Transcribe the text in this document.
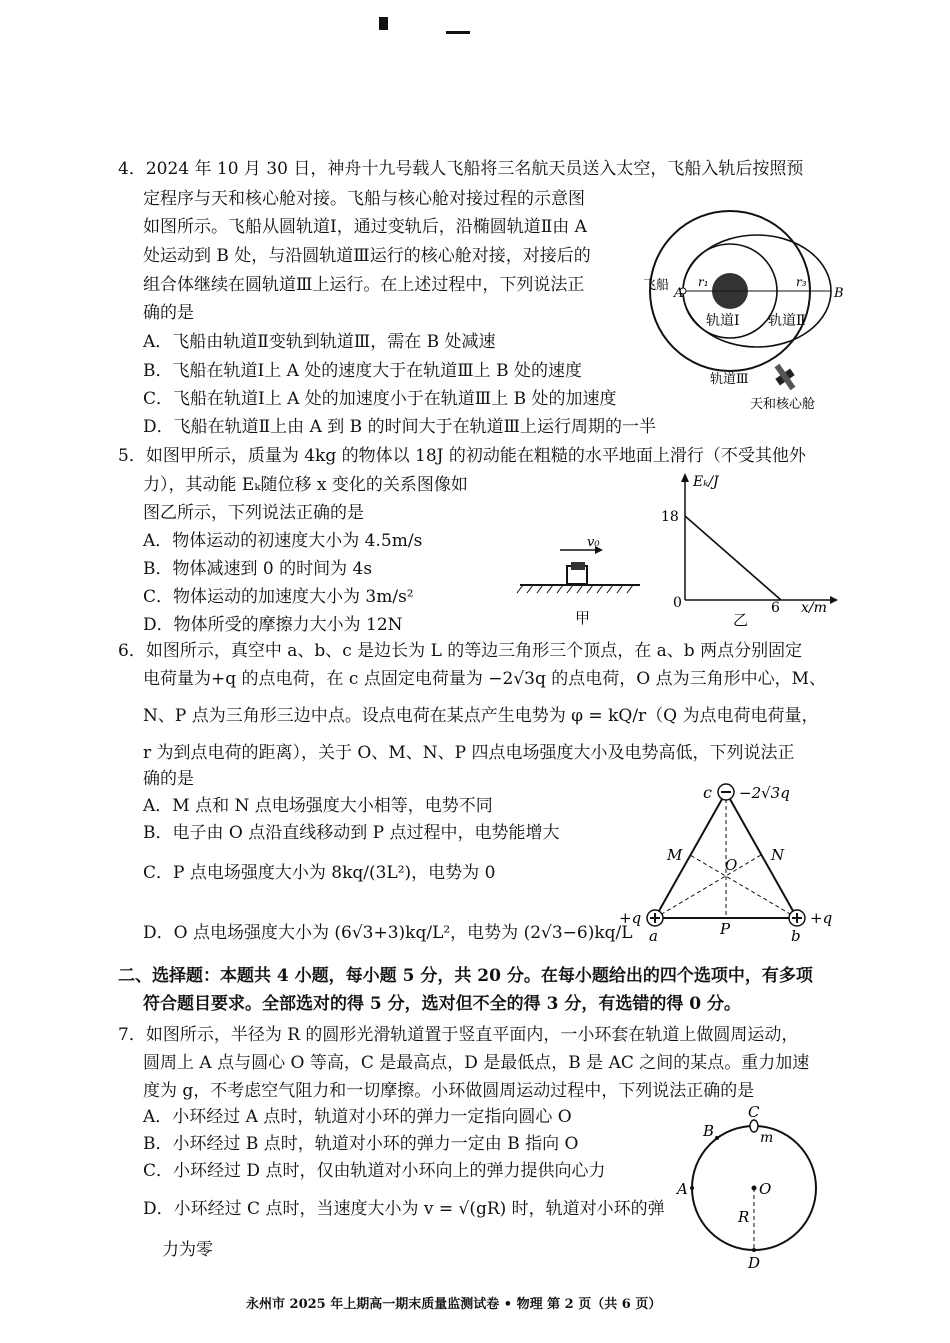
4．2024 年 10 月 30 日，神舟十九号载人飞船将三名航天员送入太空，飞船入轨后按照预
定程序与天和核心舱对接。飞船与核心舱对接过程的示意图
如图所示。飞船从圆轨道Ⅰ，通过变轨后，沿椭圆轨道Ⅱ由 A
处运动到 B 处，与沿圆轨道Ⅲ运行的核心舱对接，对接后的
组合体继续在圆轨道Ⅲ上运行。在上述过程中，下列说法正
确的是
A．飞船由轨道Ⅱ变轨到轨道Ⅲ，需在 B 处减速
B．飞船在轨道Ⅰ上 A 处的速度大于在轨道Ⅲ上 B 处的速度
C．飞船在轨道Ⅰ上 A 处的加速度小于在轨道Ⅲ上 B 处的加速度
D．飞船在轨道Ⅱ上由 A 到 B 的时间大于在轨道Ⅲ上运行周期的一半
飞船
A	B
r₁	r₃
轨道Ⅰ 轨道Ⅱ
轨道Ⅲ
天和核心舱
5．如图甲所示，质量为 4kg 的物体以 18J 的初动能在粗糙的水平地面上滑行（不受其他外
力），其动能 Eₖ随位移 x 变化的关系图像如
图乙所示，下列说法正确的是
A．物体运动的初速度大小为 4.5m/s
B．物体减速到 0 的时间为 4s
C．物体运动的加速度大小为 3m/s²
D．物体所受的摩擦力大小为 12N
v₀
甲
Eₖ/J
18
0	6 x/m
乙
6．如图所示，真空中 a、b、c 是边长为 L 的等边三角形三个顶点，在 a、b 两点分别固定
电荷量为+q 的点电荷，在 c 点固定电荷量为 −2√3q 的点电荷，O 点为三角形中心，M、
N、P 点为三角形三边中点。设点电荷在某点产生电势为 φ = kQ/r（Q 为点电荷电荷量，
r 为到点电荷的距离），关于 O、M、N、P 四点电场强度大小及电势高低，下列说法正
确的是
A．M 点和 N 点电场强度大小相等，电势不同
B．电子由 O 点沿直线移动到 P 点过程中，电势能增大
C．P 点电场强度大小为 8kq/(3L²)，电势为 0
D．O 点电场强度大小为 (6√3+3)kq/L²，电势为 (2√3−6)kq/L
c −2√3q
M	N
O
P
+q
a
+q
b
二、选择题：本题共 4 小题，每小题 5 分，共 20 分。在每小题给出的四个选项中，有多项
符合题目要求。全部选对的得 5 分，选对但不全的得 3 分，有选错的得 0 分。
7．如图所示，半径为 R 的圆形光滑轨道置于竖直平面内，一小环套在轨道上做圆周运动，
圆周上 A 点与圆心 O 等高，C 是最高点，D 是最低点，B 是 AC 之间的某点。重力加速
度为 g，不考虑空气阻力和一切摩擦。小环做圆周运动过程中，下列说法正确的是
A．小环经过 A 点时，轨道对小环的弹力一定指向圆心 O
B．小环经过 B 点时，轨道对小环的弹力一定由 B 指向 O
C．小环经过 D 点时，仅由轨道对小环向上的弹力提供向心力
D．小环经过 C 点时，当速度大小为 v = √(gR) 时，轨道对小环的弹
力为零
C
B	m
A	O
R
D
永州市 2025 年上期高一期末质量监测试卷 • 物理 第 2 页（共 6 页）
